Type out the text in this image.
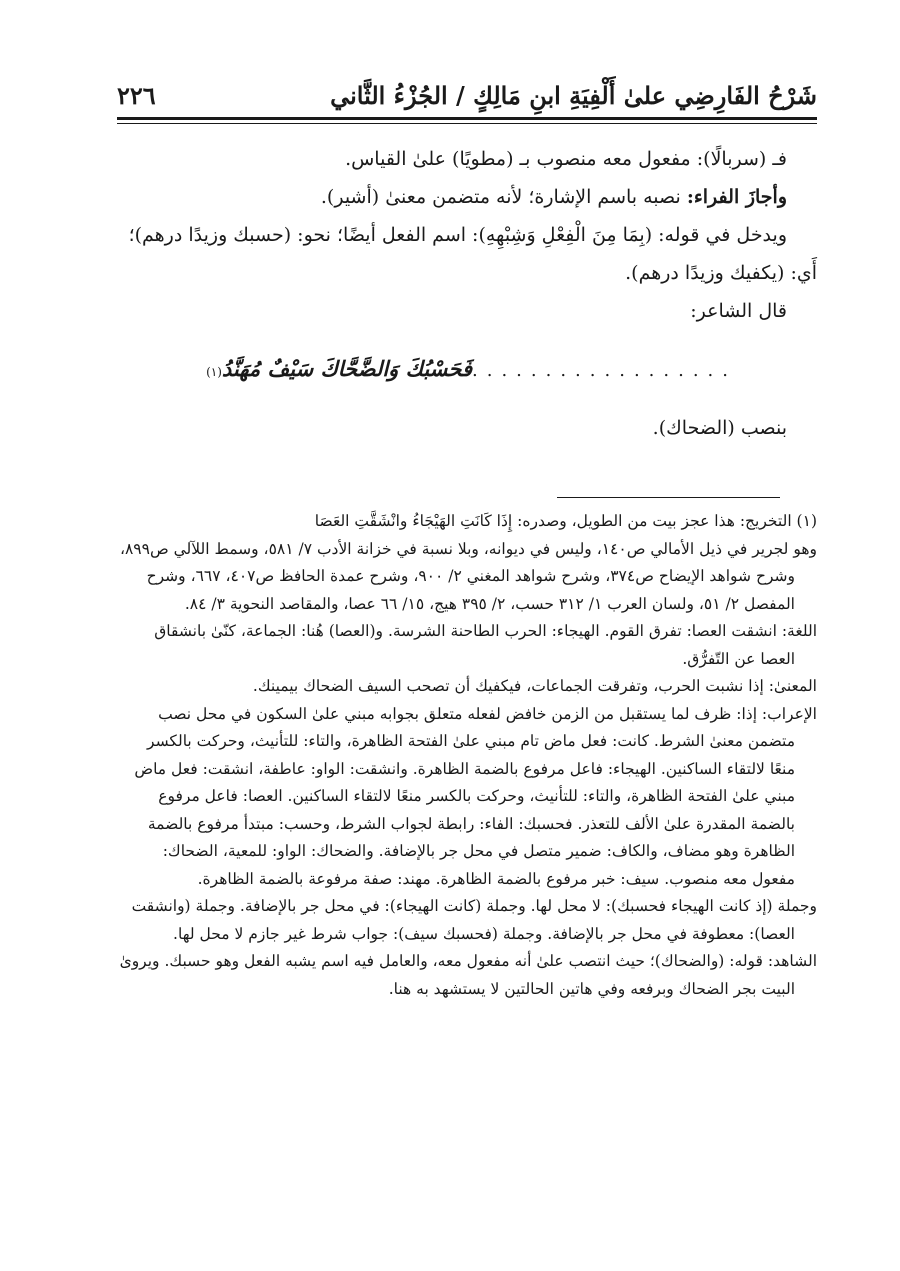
شَرْحُ الفَارِضِي علىٰ أَلْفِيَةِ ابنِ مَالِكٍ / الجُزْءُ الثَّاني
٢٢٦

فـ (سربالًا): مفعول معه منصوب بـ (مطويًا) علىٰ القياس.

وأجازَ الفراء: نصبه باسم الإشارة؛ لأنه متضمن معنىٰ (أشير).

ويدخل في قوله: (بِمَا مِنَ الْفِعْلِ وَشِبْهِهِ): اسم الفعل أيضًا؛ نحو: (حسبك وزيدًا درهم)؛ أَي: (يكفيك وزيدًا درهم).

قال الشاعر:

..................
فَحَسْبُكَ وَالضَّحَّاكَ سَيْفٌ مُهَنَّدُ
(١)

بنصب (الضحاك).

(١) التخريج: هذا عجز بيت من الطويل، وصدره: إِذَا كَانَتِ الهَيْجَاءُ وانْشَقَّتِ العَصَا

وهو لجرير في ذيل الأمالي ص١٤٠، وليس في ديوانه، وبلا نسبة في خزانة الأدب ٧/ ٥٨١، وسمط اللآلي ص٨٩٩، وشرح شواهد الإيضاح ص٣٧٤، وشرح شواهد المغني ٢/ ٩٠٠، وشرح عمدة الحافظ ص٤٠٧، ٦٦٧، وشرح المفصل ٢/ ٥١، ولسان العرب ١/ ٣١٢ حسب، ٢/ ٣٩٥ هيج، ١٥/ ٦٦ عصا، والمقاصد النحوية ٣/ ٨٤.

اللغة: انشقت العصا: تفرق القوم. الهيجاء: الحرب الطاحنة الشرسة. و(العصا) هُنا: الجماعة، كنّىٰ بانشقاق العصا عن التّفرُّق.

المعنىٰ: إذا نشبت الحرب، وتفرقت الجماعات، فيكفيك أن تصحب السيف الضحاك بيمينك.

الإعراب: إذا: ظرف لما يستقبل من الزمن خافض لفعله متعلق بجوابه مبني علىٰ السكون في محل نصب متضمن معنىٰ الشرط. كانت: فعل ماض تام مبني علىٰ الفتحة الظاهرة، والتاء: للتأنيث، وحركت بالكسر منعًا لالتقاء الساكنين. الهيجاء: فاعل مرفوع بالضمة الظاهرة. وانشقت: الواو: عاطفة، انشقت: فعل ماض مبني علىٰ الفتحة الظاهرة، والتاء: للتأنيث، وحركت بالكسر منعًا لالتقاء الساكنين. العصا: فاعل مرفوع بالضمة المقدرة علىٰ الألف للتعذر. فحسبك: الفاء: رابطة لجواب الشرط، وحسب: مبتدأ مرفوع بالضمة الظاهرة وهو مضاف، والكاف: ضمير متصل في محل جر بالإضافة. والضحاك: الواو: للمعية، الضحاك: مفعول معه منصوب. سيف: خبر مرفوع بالضمة الظاهرة. مهند: صفة مرفوعة بالضمة الظاهرة.

وجملة (إذ كانت الهيجاء فحسبك): لا محل لها. وجملة (كانت الهيجاء): في محل جر بالإضافة. وجملة (وانشقت العصا): معطوفة في محل جر بالإضافة. وجملة (فحسبك سيف): جواب شرط غير جازم لا محل لها.

الشاهد: قوله: (والضحاك)؛ حيث انتصب علىٰ أنه مفعول معه، والعامل فيه اسم يشبه الفعل وهو حسبك. ويروىٰ البيت بجر الضحاك وبرفعه وفي هاتين الحالتين لا يستشهد به هنا.
